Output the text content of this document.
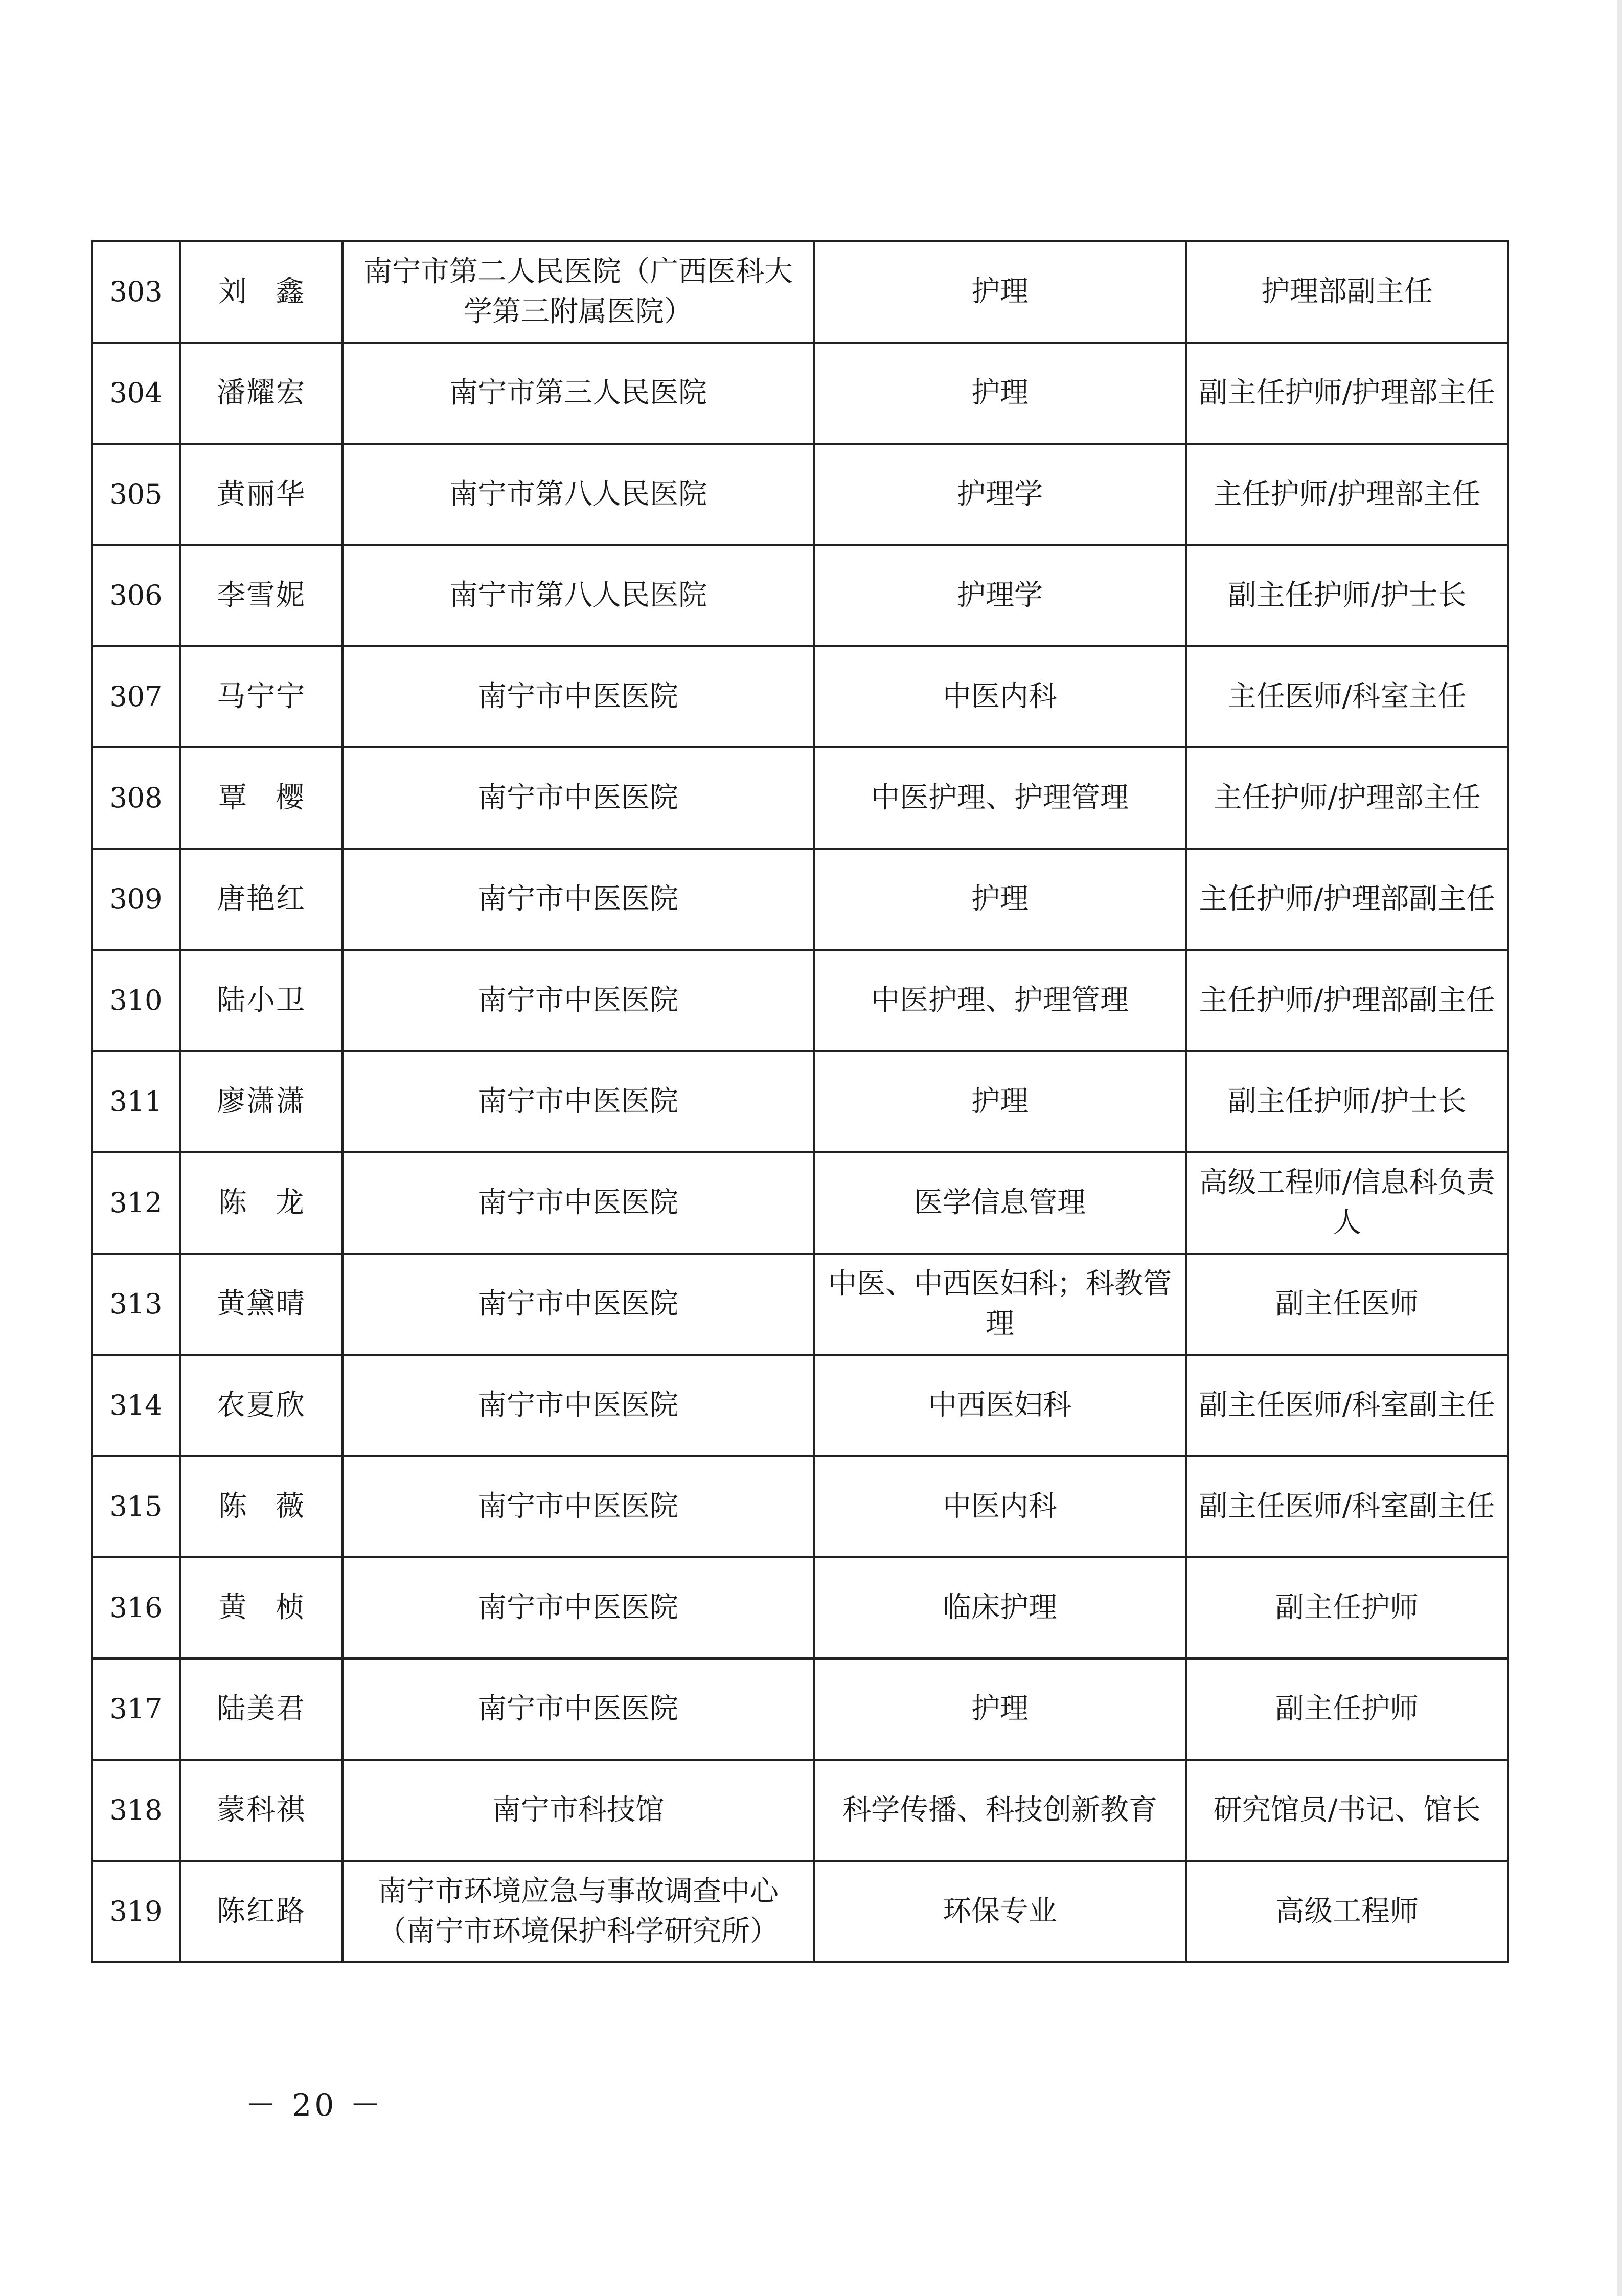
303	刘鑫	南宁市第二人民医院（广西医科大学第三附属医院）	护理	护理部副主任
304	潘耀宏	南宁市第三人民医院	护理	副主任护师/护理部主任
305	黄丽华	南宁市第八人民医院	护理学	主任护师/护理部主任
306	李雪妮	南宁市第八人民医院	护理学	副主任护师/护士长
307	马宁宁	南宁市中医医院	中医内科	主任医师/科室主任
308	覃樱	南宁市中医医院	中医护理、护理管理	主任护师/护理部主任
309	唐艳红	南宁市中医医院	护理	主任护师/护理部副主任
310	陆小卫	南宁市中医医院	中医护理、护理管理	主任护师/护理部副主任
311	廖潇潇	南宁市中医医院	护理	副主任护师/护士长
312	陈龙	南宁市中医医院	医学信息管理	高级工程师/信息科负责人
313	黄黛晴	南宁市中医医院	中医、中西医妇科；科教管理	副主任医师
314	农夏欣	南宁市中医医院	中西医妇科	副主任医师/科室副主任
315	陈薇	南宁市中医医院	中医内科	副主任医师/科室副主任
316	黄桢	南宁市中医医院	临床护理	副主任护师
317	陆美君	南宁市中医医院	护理	副主任护师
318	蒙科祺	南宁市科技馆	科学传播、科技创新教育	研究馆员/书记、馆长
319	陈红路	南宁市环境应急与事故调查中心（南宁市环境保护科学研究所）	环保专业	高级工程师
－ 20 －
